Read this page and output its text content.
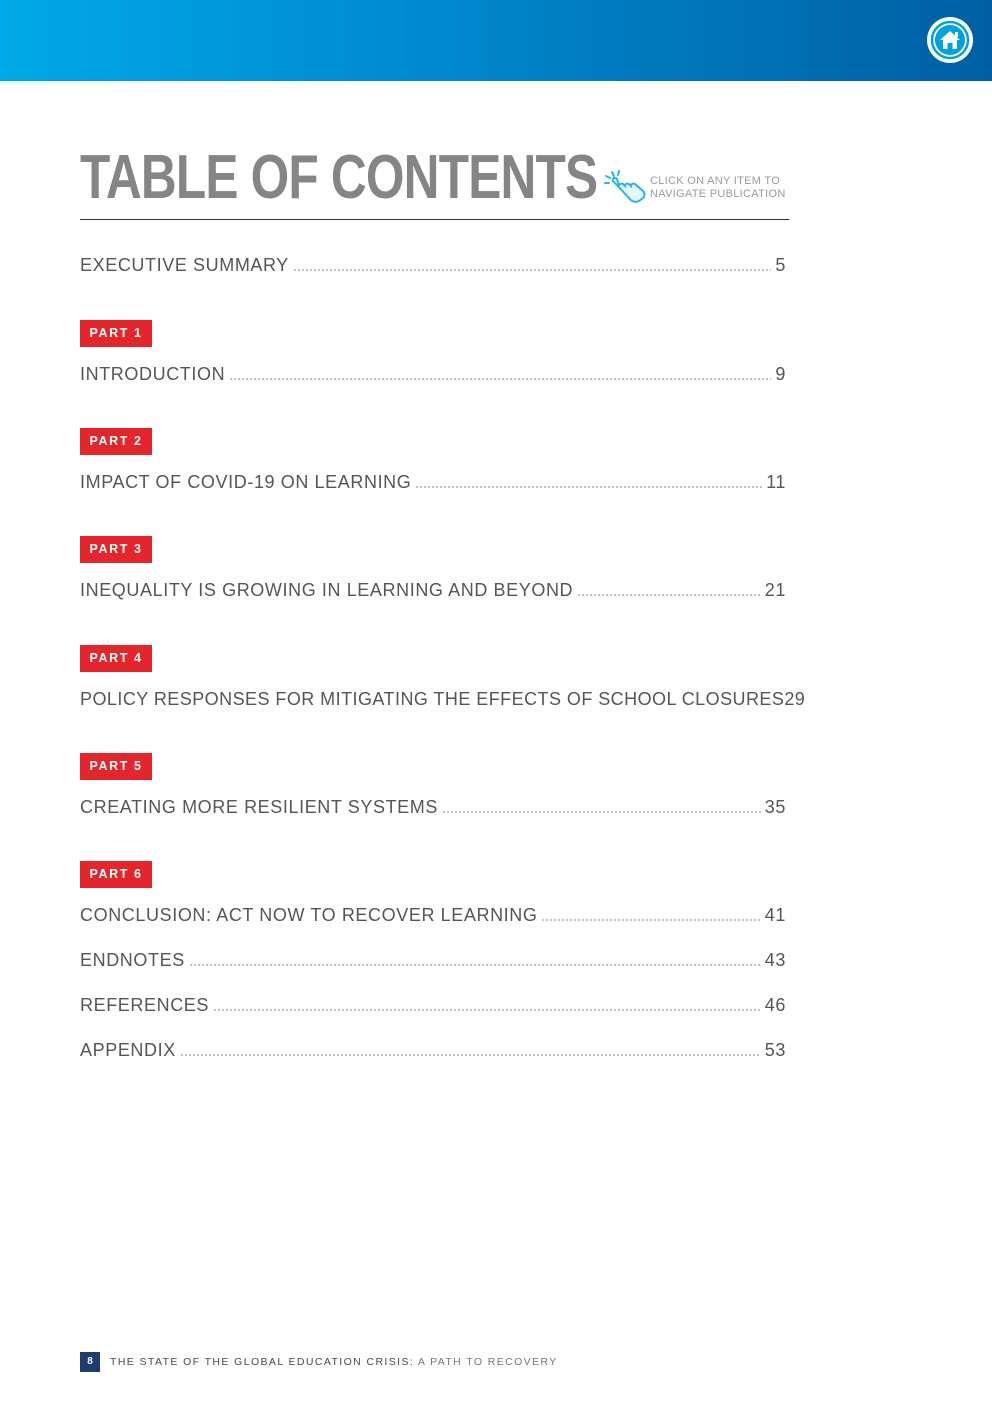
TABLE OF CONTENTS	CLICK ON ANY ITEM TO
NAVIGATE PUBLICATION
EXECUTIVE SUMMARY	5
PART 1
INTRODUCTION	9
PART 2
IMPACT OF COVID-19 ON LEARNING	11
PART 3
INEQUALITY IS GROWING IN LEARNING AND BEYOND	21
PART 4
POLICY RESPONSES FOR MITIGATING THE EFFECTS OF SCHOOL CLOSURES 29
PART 5
CREATING MORE RESILIENT SYSTEMS	35
PART 6
CONCLUSION: ACT NOW TO RECOVER LEARNING	41
ENDNOTES	43
REFERENCES	46
APPENDIX	53
8	THE STATE OF THE GLOBAL EDUCATION CRISIS: A PATH TO RECOVERY
